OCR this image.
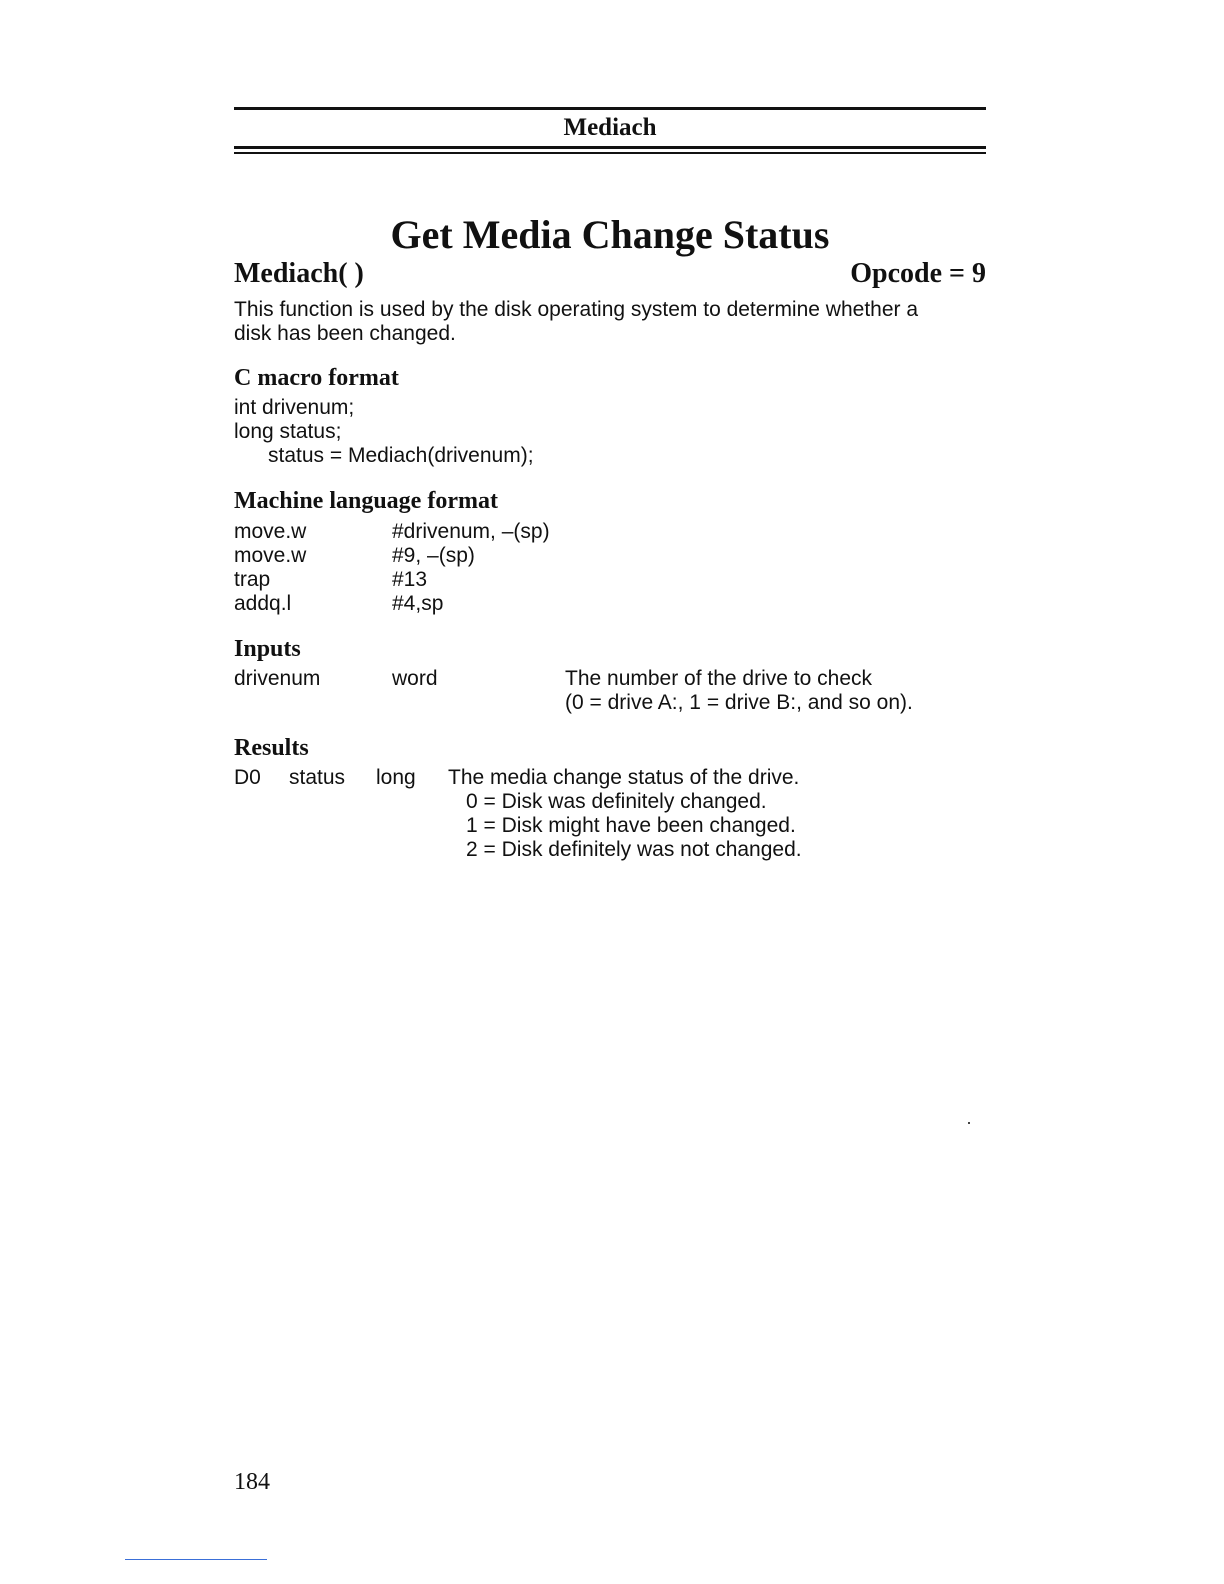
Mediach
Get Media Change Status
Mediach( )	Opcode = 9
This function is used by the disk operating system to determine whether a
disk has been changed.
C macro format
int drivenum;
long status;
status = Mediach(drivenum);
Machine language format
move.w	#drivenum, –(sp)
move.w	#9, –(sp)
trap	#13
addq.l	#4,sp
Inputs
drivenum	word	The number of the drive to check
(0 = drive A:, 1 = drive B:, and so on).
Results
D0 status long The media change status of the drive.
0 = Disk was definitely changed.
1 = Disk might have been changed.
2 = Disk definitely was not changed.
184
